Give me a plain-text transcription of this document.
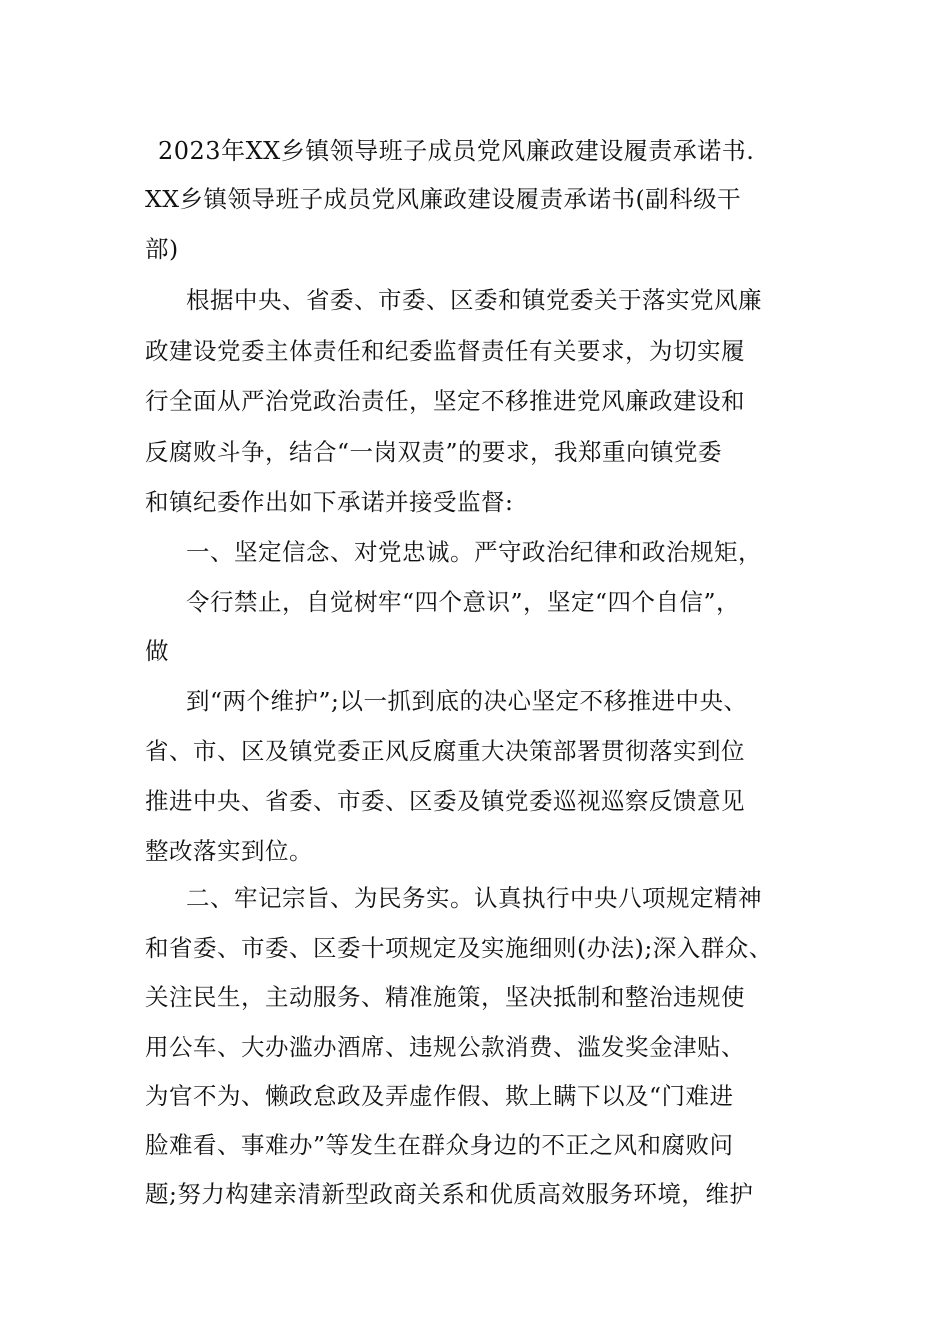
2023年XX乡镇领导班子成员党风廉政建设履责承诺书.
XX乡镇领导班子成员党风廉政建设履责承诺书(副科级干
部)
根据中央、省委、市委、区委和镇党委关于落实党风廉
政建设党委主体责任和纪委监督责任有关要求，为切实履
行全面从严治党政治责任，坚定不移推进党风廉政建设和
反腐败斗争，结合“一岗双责”的要求，我郑重向镇党委
和镇纪委作出如下承诺并接受监督:
一、坚定信念、对党忠诚。严守政治纪律和政治规矩，
令行禁止，自觉树牢“四个意识”，坚定“四个自信”，
做
到“两个维护”;以一抓到底的决心坚定不移推进中央、
省、市、区及镇党委正风反腐重大决策部署贯彻落实到位
推进中央、省委、市委、区委及镇党委巡视巡察反馈意见
整改落实到位。
二、牢记宗旨、为民务实。认真执行中央八项规定精神
和省委、市委、区委十项规定及实施细则(办法);深入群众、
关注民生，主动服务、精准施策，坚决抵制和整治违规使
用公车、大办滥办酒席、违规公款消费、滥发奖金津贴、
为官不为、懒政怠政及弄虚作假、欺上瞒下以及“门难进
脸难看、事难办”等发生在群众身边的不正之风和腐败问
题;努力构建亲清新型政商关系和优质高效服务环境，维护
